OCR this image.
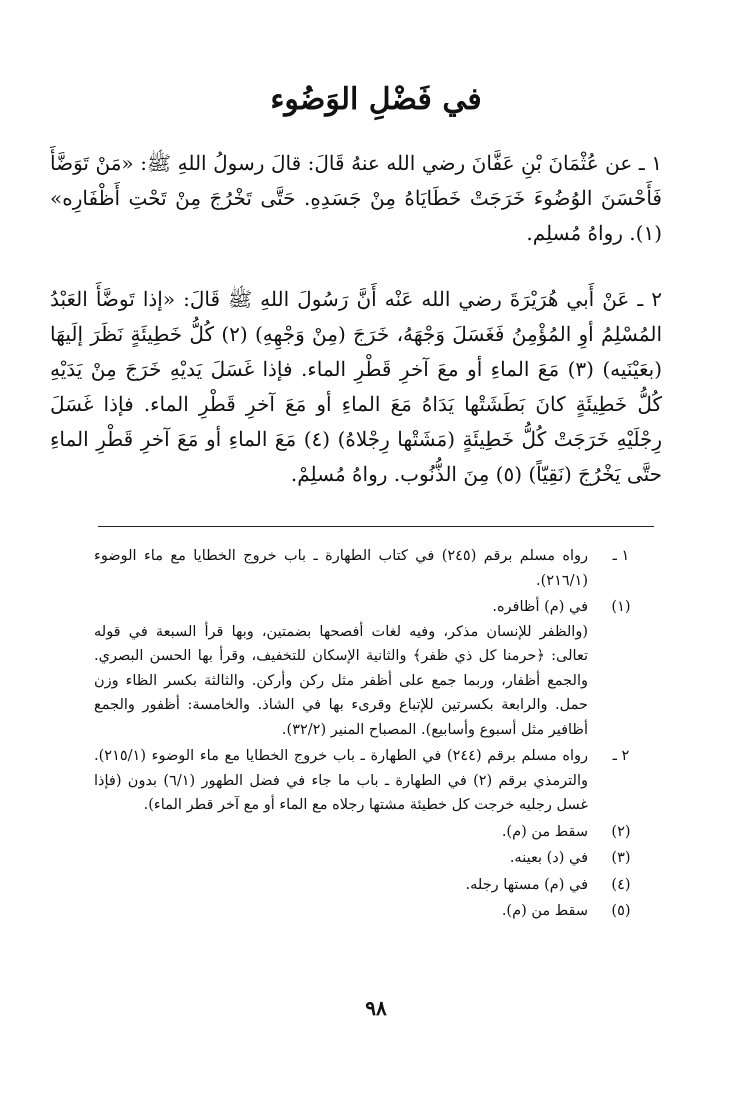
في فَضْلِ الوَضُوء
١ ـ عن عُثْمَانَ بْنِ عَفَّانَ رضي الله عنهُ قَالَ: قالَ رسولُ اللهِ ﷺ: «مَنْ تَوَضَّأَ فَأَحْسَنَ الوُضُوءَ خَرَجَتْ خَطَايَاهُ مِنْ جَسَدِهِ. حَتَّى تَخْرُجَ مِنْ تَحْتِ أَظْفَارِه» (١). رواهُ مُسلِم.
٢ ـ عَنْ أَبي هُرَيْرَةَ رضي الله عَنْه أَنَّ رَسُولَ اللهِ ﷺ قَالَ: «إذا تَوضَّأَ العَبْدُ المُسْلِمُ أوِ المُؤْمِنُ فَغَسَلَ وَجْهَهُ، خَرَجَ (مِنْ وَجْهِهِ) (٢) كُلُّ خَطِيئَةٍ نَظَرَ إلَيهَا (بعَيْنَيه) (٣) مَعَ الماءِ أو معَ آخرِ قَطْرِ الماء. فإذا غَسَلَ يَديْهِ خَرَجَ مِنْ يَدَيْهِ كُلُّ خَطِيئَةٍ كانَ بَطَشَتْها يَدَاهُ مَعَ الماءِ أو مَعَ آخرِ قَطْرِ الماء. فإذا غَسَلَ رِجْلَيْهِ خَرَجَتْ كُلُّ خَطِيئَةٍ (مَشَتْها رِجْلاهُ) (٤) مَعَ الماءِ أو مَعَ آخرِ قَطْرِ الماءِ حتَّى يَخْرُجَ (نَقِيّاً) (٥) مِنَ الذُّنُوب. رواهُ مُسلِمْ.
١ ـ

رواه مسلم برقم (٢٤٥) في كتاب الطهارة ـ باب خروج الخطايا مع ماء الوضوء (٢١٦/١).

(١)

في (م) أظافره.

(والظفر للإنسان مذكر، وفيه لغات أفصحها بضمتين، وبها قرأ السبعة في قوله تعالى: ﴿حرمنا كل ذي ظفر﴾ والثانية الإسكان للتخفيف، وقرأ بها الحسن البصري. والجمع أظفار، وربما جمع على أظفر مثل ركن وأركن. والثالثة بكسر الظاء وزن حمل. والرابعة بكسرتين للإتباع وقرىء بها في الشاذ. والخامسة: أظفور والجمع أظافير مثل أسبوع وأسابيع). المصباح المنير (٣٢/٢).

٢ ـ

رواه مسلم برقم (٢٤٤) في الطهارة ـ باب خروج الخطايا مع ماء الوضوء (٢١٥/١). والترمذي برقم (٢) في الطهارة ـ باب ما جاء في فضل الطهور (٦/١) بدون (فإذا غسل رجليه خرجت كل خطيئة مشتها رجلاه مع الماء أو مع آخر قطر الماء).

(٢)

سقط من (م).

(٣)

في (د) بعينه.

(٤)

في (م) مستها رجله.

(٥)

سقط من (م).

٩٨
